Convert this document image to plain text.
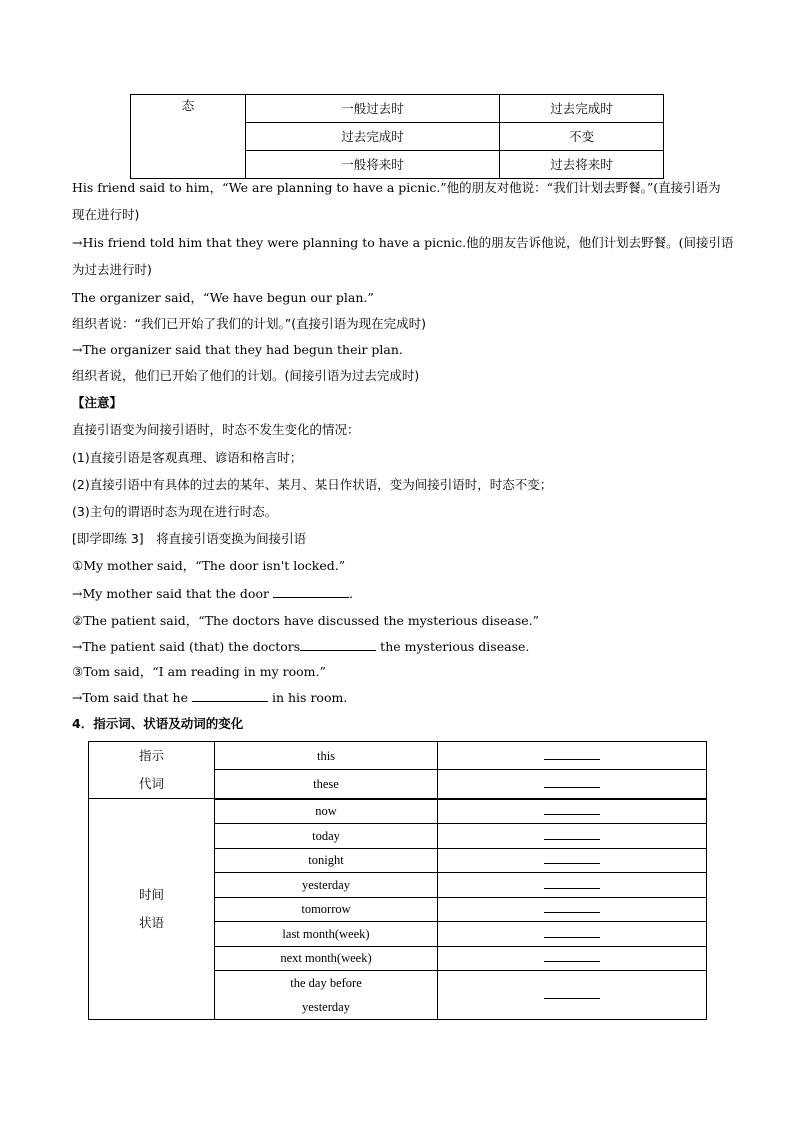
态	一般过去时	过去完成时
	过去完成时	不变
	一般将来时	过去将来时
His friend said to him，“We are planning to have a picnic.”他的朋友对他说：“我们计划去野餐。”(直接引语为
现在进行时)
→His friend told him that they were planning to have a picnic.他的朋友告诉他说，他们计划去野餐。(间接引语
为过去进行时)
The organizer said，“We have begun our plan.”
组织者说：“我们已开始了我们的计划。”(直接引语为现在完成时)
→The organizer said that they had begun their plan.
组织者说，他们已开始了他们的计划。(间接引语为过去完成时)
【注意】
直接引语变为间接引语时，时态不发生变化的情况：
(1)直接引语是客观真理、谚语和格言时；
(2)直接引语中有具体的过去的某年、某月、某日作状语，变为间接引语时，时态不变；
(3)主句的谓语时态为现在进行时态。
[即学即练 3]　将直接引语变换为间接引语
①My mother said，“The door isn't locked.”
→My mother said that the door	.
②The patient said，“The doctors have discussed the mysterious disease.”
→The patient said (that) the doctors	the mysterious disease.
③Tom said，“I am reading in my room.”
→Tom said that he	in his room.
4．指示词、状语及动词的变化
指示
代词	this	
	these	

时间
状语	now	
	today	
	tonight	
	yesterday	
	tomorrow	
	last month(week)	
	next month(week)	

	the day before
yesterday	
